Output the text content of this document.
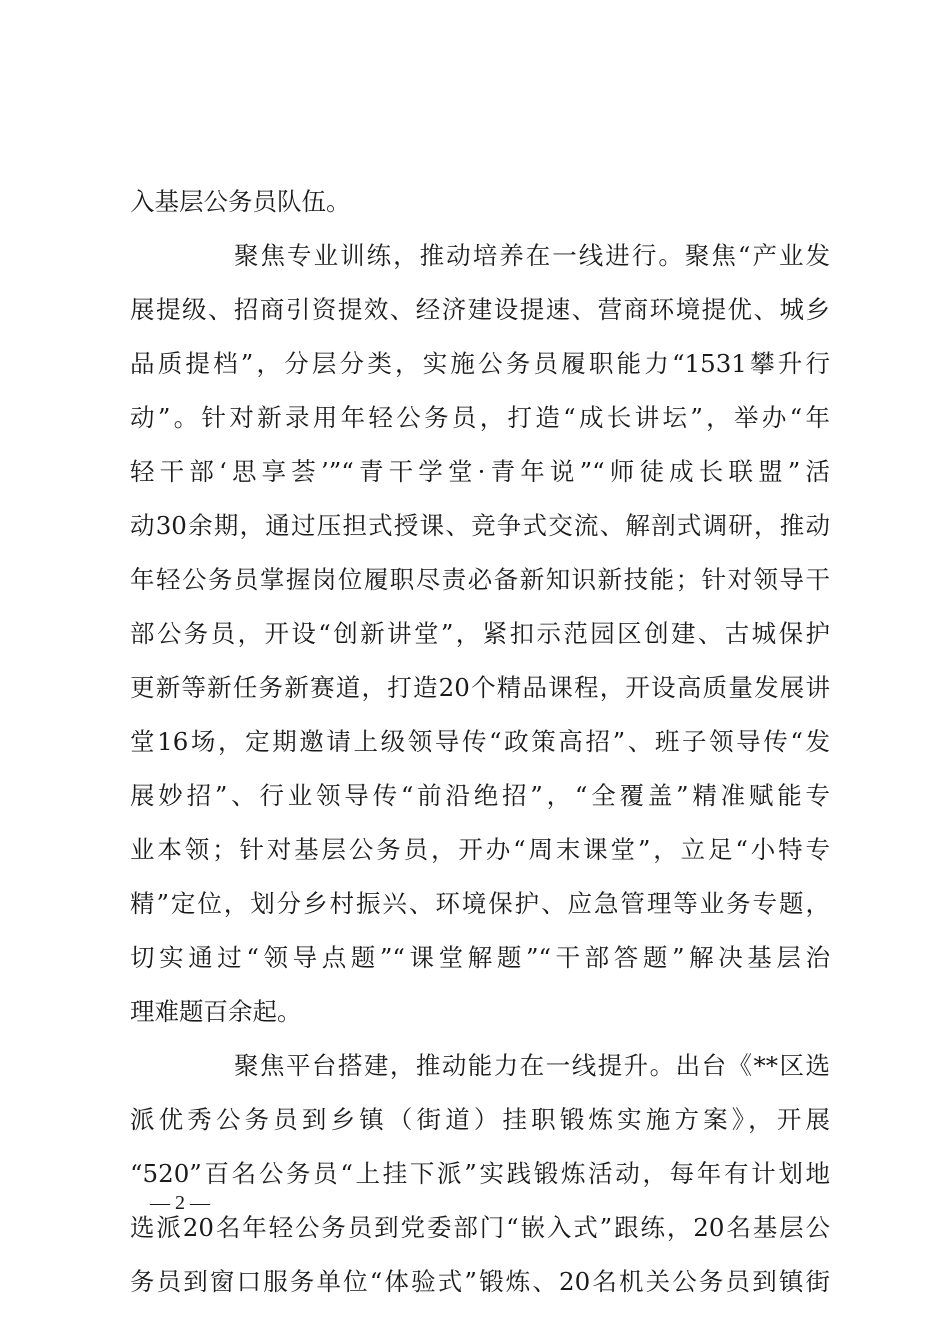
入基层公务员队伍。
聚焦专业训练，推动培养在一线进行。聚焦“产业发
展提级、招商引资提效、经济建设提速、营商环境提优、城乡
品质提档”，分层分类，实施公务员履职能力“1531攀升行
动”。针对新录用年轻公务员，打造“成长讲坛”，举办“年
轻干部‘思享荟’”“青干学堂·青年说”“师徒成长联盟”活
动30余期，通过压担式授课、竞争式交流、解剖式调研，推动
年轻公务员掌握岗位履职尽责必备新知识新技能；针对领导干
部公务员，开设“创新讲堂”，紧扣示范园区创建、古城保护
更新等新任务新赛道，打造20个精品课程，开设高质量发展讲
堂16场，定期邀请上级领导传“政策高招”、班子领导传“发
展妙招”、行业领导传“前沿绝招”，“全覆盖”精准赋能专
业本领；针对基层公务员，开办“周末课堂”，立足“小特专
精”定位，划分乡村振兴、环境保护、应急管理等业务专题，
切实通过“领导点题”“课堂解题”“干部答题”解决基层治
理难题百余起。
聚焦平台搭建，推动能力在一线提升。出台《**区选
派优秀公务员到乡镇（街道）挂职锻炼实施方案》，开展
“520”百名公务员“上挂下派”实践锻炼活动，每年有计划地
选派20名年轻公务员到党委部门“嵌入式”跟练，20名基层公
务员到窗口服务单位“体验式”锻炼、20名机关公务员到镇街
— 2 —
